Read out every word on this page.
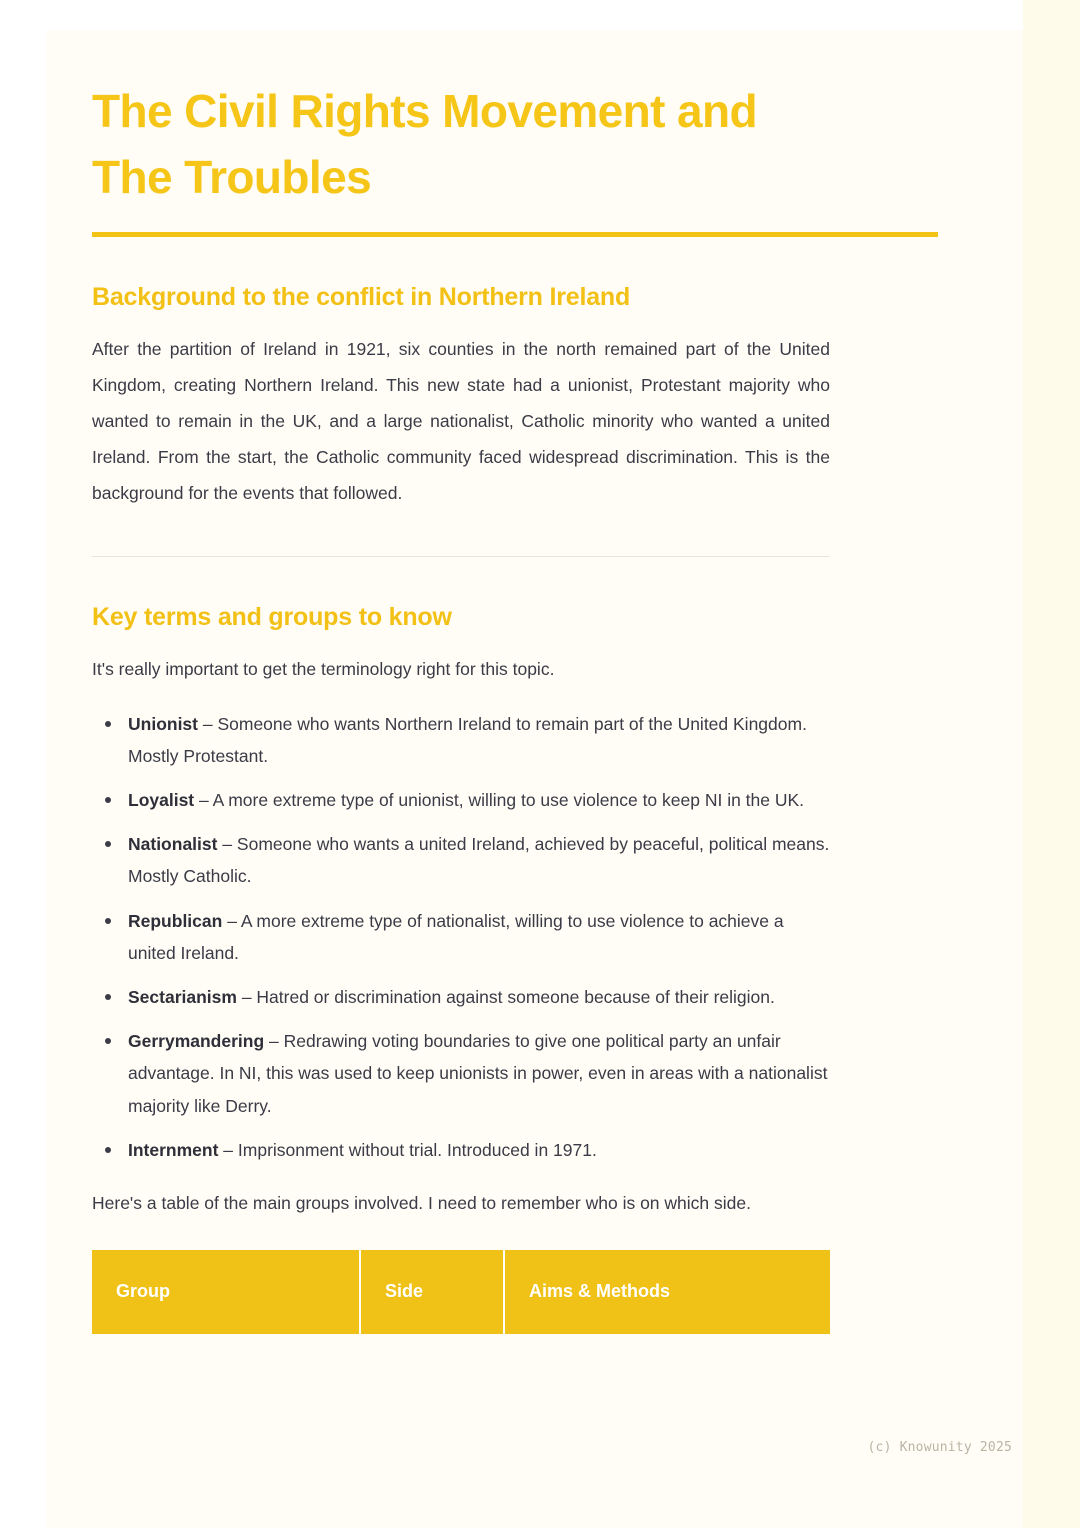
The Civil Rights Movement and The Troubles
Background to the conflict in Northern Ireland

After the partition of Ireland in 1921, six counties in the north remained part of the United Kingdom, creating Northern Ireland. This new state had a unionist, Protestant majority who wanted to remain in the UK, and a large nationalist, Catholic minority who wanted a united Ireland. From the start, the Catholic community faced widespread discrimination. This is the background for the events that followed.

Key terms and groups to know

It's really important to get the terminology right for this topic.

Unionist – Someone who wants Northern Ireland to remain part of the United Kingdom. Mostly Protestant.
Loyalist – A more extreme type of unionist, willing to use violence to keep NI in the UK.
Nationalist – Someone who wants a united Ireland, achieved by peaceful, political means. Mostly Catholic.
Republican – A more extreme type of nationalist, willing to use violence to achieve a united Ireland.
Sectarianism – Hatred or discrimination against someone because of their religion.
Gerrymandering – Redrawing voting boundaries to give one political party an unfair advantage. In NI, this was used to keep unionists in power, even in areas with a nationalist majority like Derry.
Internment – Imprisonment without trial. Introduced in 1971.

Here's a table of the main groups involved. I need to remember who is on which side.

Group	Side	Aims & Methods
(c) Knowunity 2025
